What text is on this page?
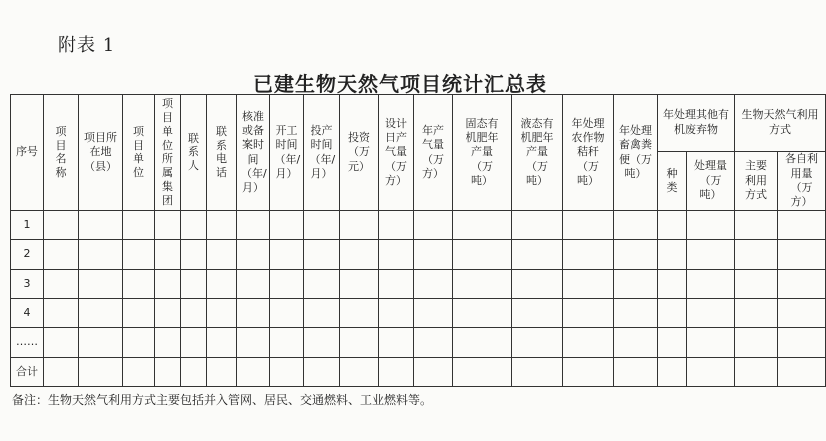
附表 1
已建生物天然气项目统计汇总表
序号	项目名称	项目所在地（县）	项目单位	项目单位所属集团	联系人	联系电话	核准或备案时间（年/月）	开工时间（年/月）	投产时间（年/月）	投资（万元）	设计日产气量（万方）	年产气量（万方）	固态有机肥年产量（万吨）	液态有机肥年产量（万吨）	年处理农作物秸秆（万吨）	年处理畜禽粪便（万吨）	年处理其他有机废弃物		生物天然气利用方式	
																	种类	处理量（万吨）	主要利用方式	各自利用量（万方）
1																				
2																				
3																				
4																				
……																				
合计																				
备注：生物天然气利用方式主要包括并入管网、居民、交通燃料、工业燃料等。
